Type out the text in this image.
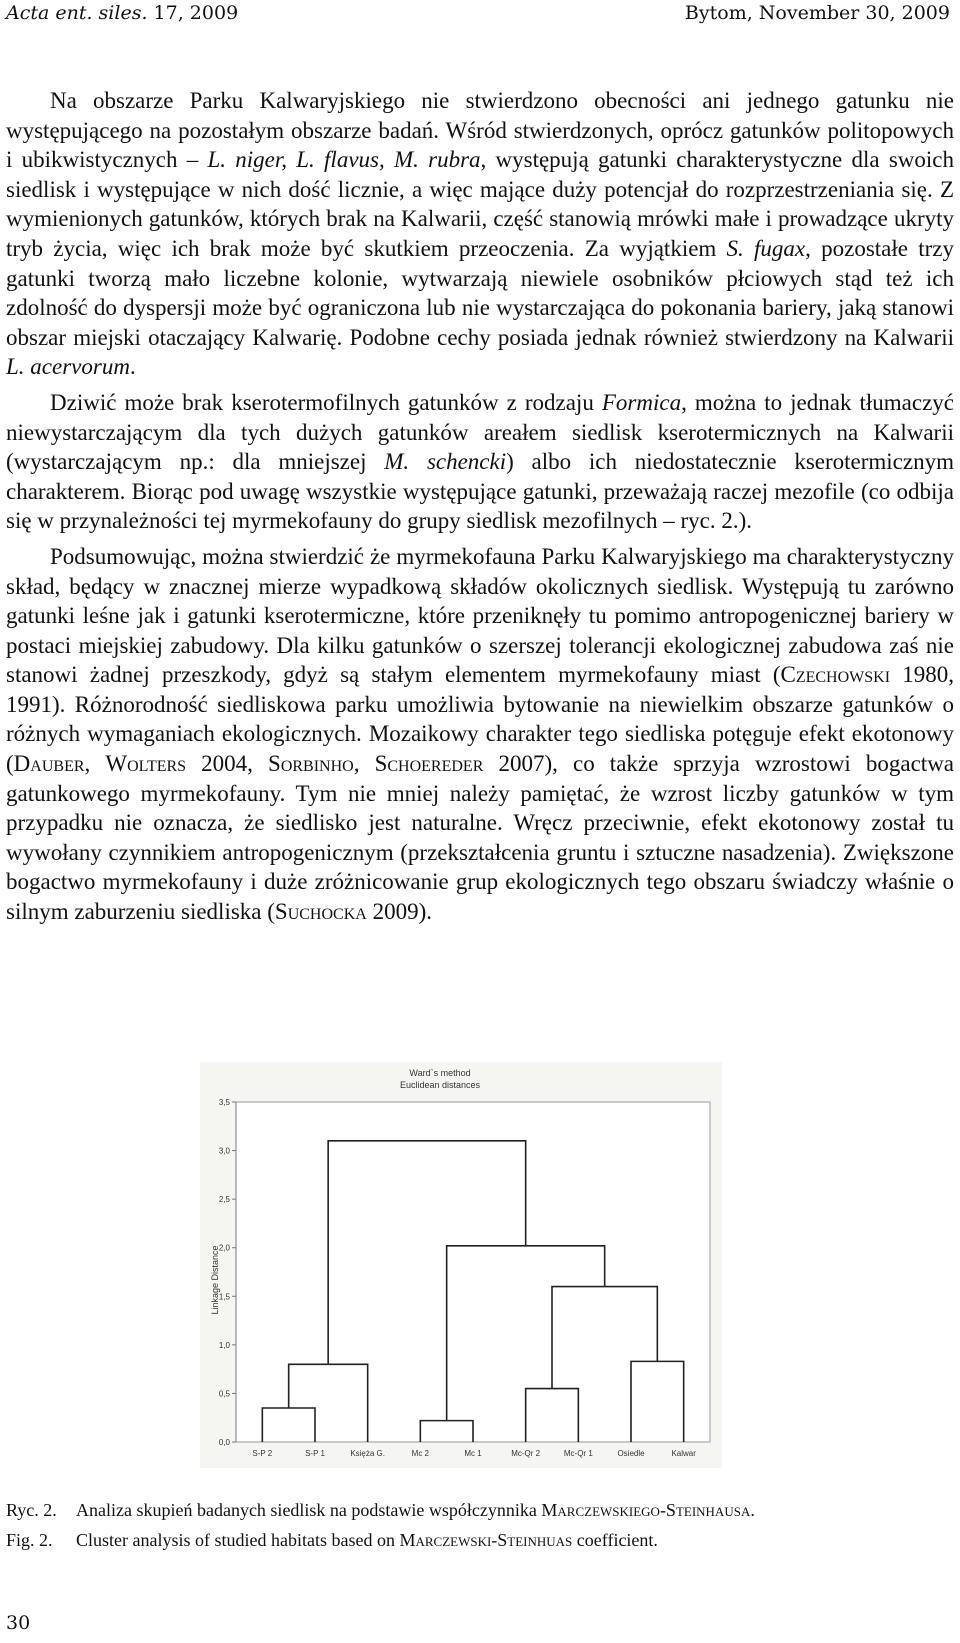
Acta ent. siles. 17, 2009	Bytom, November 30, 2009

Na obszarze Parku Kalwaryjskiego nie stwierdzono obecności ani jednego gatunku nie występującego na pozostałym obszarze badań. Wśród stwierdzonych, oprócz gatunków politopowych i ubikwistycznych – L. niger, L. flavus, M. rubra, występują gatunki charakterystyczne dla swoich siedlisk i występujące w nich dość licznie, a więc mające duży potencjał do rozprzestrzeniania się. Z wymienionych gatunków, których brak na Kalwarii, część stanowią mrówki małe i prowadzące ukryty tryb życia, więc ich brak może być skutkiem przeoczenia. Za wyjątkiem S. fugax, pozostałe trzy gatunki tworzą mało liczebne kolonie, wytwarzają niewiele osobników płciowych stąd też ich zdolność do dyspersji może być ograniczona lub nie wystarczająca do pokonania bariery, jaką stanowi obszar miejski otaczający Kalwarię. Podobne cechy posiada jednak również stwierdzony na Kalwarii L. acervorum.

Dziwić może brak kserotermofilnych gatunków z rodzaju Formica, można to jednak tłumaczyć niewystarczającym dla tych dużych gatunków areałem siedlisk kserotermicznych na Kalwarii (wystarczającym np.: dla mniejszej M. schencki) albo ich niedostatecznie kserotermicznym charakterem. Biorąc pod uwagę wszystkie występujące gatunki, przeważają raczej mezofile (co odbija się w przynależności tej myrmekofauny do grupy siedlisk mezofilnych – ryc. 2.).

Podsumowując, można stwierdzić że myrmekofauna Parku Kalwaryjskiego ma charakterystyczny skład, będący w znacznej mierze wypadkową składów okolicznych siedlisk. Występują tu zarówno gatunki leśne jak i gatunki kserotermiczne, które przeniknęły tu pomimo antropogenicznej bariery w postaci miejskiej zabudowy. Dla kilku gatunków o szerszej tolerancji ekologicznej zabudowa zaś nie stanowi żadnej przeszkody, gdyż są stałym elementem myrmekofauny miast (Czechowski 1980, 1991). Różnorodność siedliskowa parku umożliwia bytowanie na niewielkim obszarze gatunków o różnych wymaganiach ekologicznych. Mozaikowy charakter tego siedliska potęguje efekt ekotonowy (Dauber, Wolters 2004, Sorbinho, Schoereder 2007), co także sprzyja wzrostowi bogactwa gatunkowego myrmekofauny. Tym nie mniej należy pamiętać, że wzrost liczby gatunków w tym przypadku nie oznacza, że siedlisko jest naturalne. Wręcz przeciwnie, efekt ekotonowy został tu wywołany czynnikiem antropogenicznym (przekształcenia gruntu i sztuczne nasadzenia). Zwiększone bogactwo myrmekofauny i duże zróżnicowanie grup ekologicznych tego obszaru świadczy właśnie o silnym zaburzeniu siedliska (Suchocka 2009).

Ward`s method
Euclidean distances
Linkage Distance
0,0
0,5
1,0
1,5
2,0
2,5
3,0
3,5
S-P 2	S-P 1	Księża G.	Mc 2	Mc 1	Mc-Qr 2	Mc-Qr 1	Osiedle	Kalwar
Ryc. 2. Analiza skupień badanych siedlisk na podstawie współczynnika Marczewskiego-Steinhausa.
Fig. 2. Cluster analysis of studied habitats based on Marczewski-Steinhuas coefficient.
30
